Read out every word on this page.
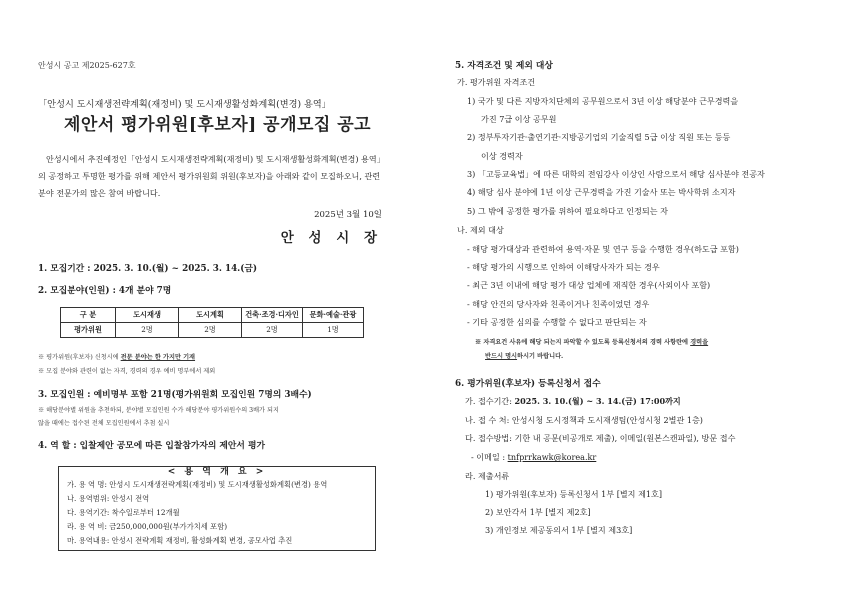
안성시 공고 제2025-627호
「안성시 도시재생전략계획(재정비) 및 도시재생활성화계획(변경) 용역」
제안서 평가위원[후보자] 공개모집 공고
안성시에서 추진예정인「안성시 도시재생전략계획(재정비) 및 도시재생활성화계획(변경) 용역」의 공정하고 투명한 평가를 위해 제안서 평가위원회 위원(후보자)을 아래와 같이 모집하오니, 관련 분야 전문가의 많은 참여 바랍니다.
2025년 3월 10일
안 성 시 장
1. 모집기간 : 2025. 3. 10.(월) ~ 2025. 3. 14.(금)
2. 모집분야(인원) : 4개 분야 7명
구 분	도시재생	도시계획	건축·조경·디자인	문화·예술·관광
평가위원	2명	2명	2명	1명
※ 평가위원(후보자) 신청시에 전문 분야는 한 가지만 기재
※ 모집 분야와 관련이 없는 자격, 경력의 경우 예비 명부에서 제외
3. 모집인원 : 예비명부 포함 21명(평가위원회 모집인원 7명의 3배수)
※ 해당분야별 위원을 추천하되, 분야별 모집인원 수가 해당분야 평가위원수의 3배가 되지
않을 때에는 접수된 전체 모집인원에서 추첨 실시
4. 역 할 : 입찰제안 공모에 따른 입찰참가자의 제안서 평가
< 용 역 개 요 >
가. 용 역 명: 안성시 도시재생전략계획(재정비) 및 도시재생활성화계획(변경) 용역
나. 용역범위: 안성시 전역
다. 용역기간: 착수일로부터 12개월
라. 용 역 비: 금250,000,000원(부가가치세 포함)
마. 용역내용: 안성시 전략계획 재정비, 활성화계획 변경, 공모사업 추진
5. 자격조건 및 제외 대상
가. 평가위원 자격조건
1) 국가 및 다른 지방자치단체의 공무원으로서 3년 이상 해당분야 근무경력을
가진 7급 이상 공무원
2) 정부투자기관·출연기관·지방공기업의 기술직렬 5급 이상 직원 또는 등등
이상 경력자
3) 「고등교육법」에 따른 대학의 전임강사 이상인 사람으로서 해당 심사분야 전공자
4) 해당 심사 분야에 1년 이상 근무경력을 가진 기술사 또는 박사학위 소지자
5) 그 밖에 공정한 평가를 위하여 필요하다고 인정되는 자
나. 제외 대상
- 해당 평가대상과 관련하여 용역·자문 및 연구 등을 수행한 경우(하도급 포함)
- 해당 평가의 시행으로 인하여 이해당사자가 되는 경우
- 최근 3년 이내에 해당 평가 대상 업체에 재직한 경우(사외이사 포함)
- 해당 안건의 당사자와 친족이거나 친족이었던 경우
- 기타 공정한 심의를 수행할 수 없다고 판단되는 자
※ 자격요건 사유에 해당 되는지 파악할 수 있도록 등록신청서의 경력 사항란에 경력을
반드시 명시하시기 바랍니다.
6. 평가위원(후보자) 등록신청서 접수
가. 접수기간: 2025. 3. 10.(월) ~ 3. 14.(금) 17:00까지
나. 접 수 처: 안성시청 도시정책과 도시재생팀(안성시청 2별관 1층)
다. 접수방법: 기한 내 공문(비공개로 제출), 이메일(원본스캔파일), 방문 접수
- 이메일 : tnfprrkawk@korea.kr
라. 제출서류
1) 평가위원(후보자) 등록신청서 1부 [별지 제1호]
2) 보안각서 1부 [별지 제2호]
3) 개인정보 제공동의서 1부 [별지 제3호]
